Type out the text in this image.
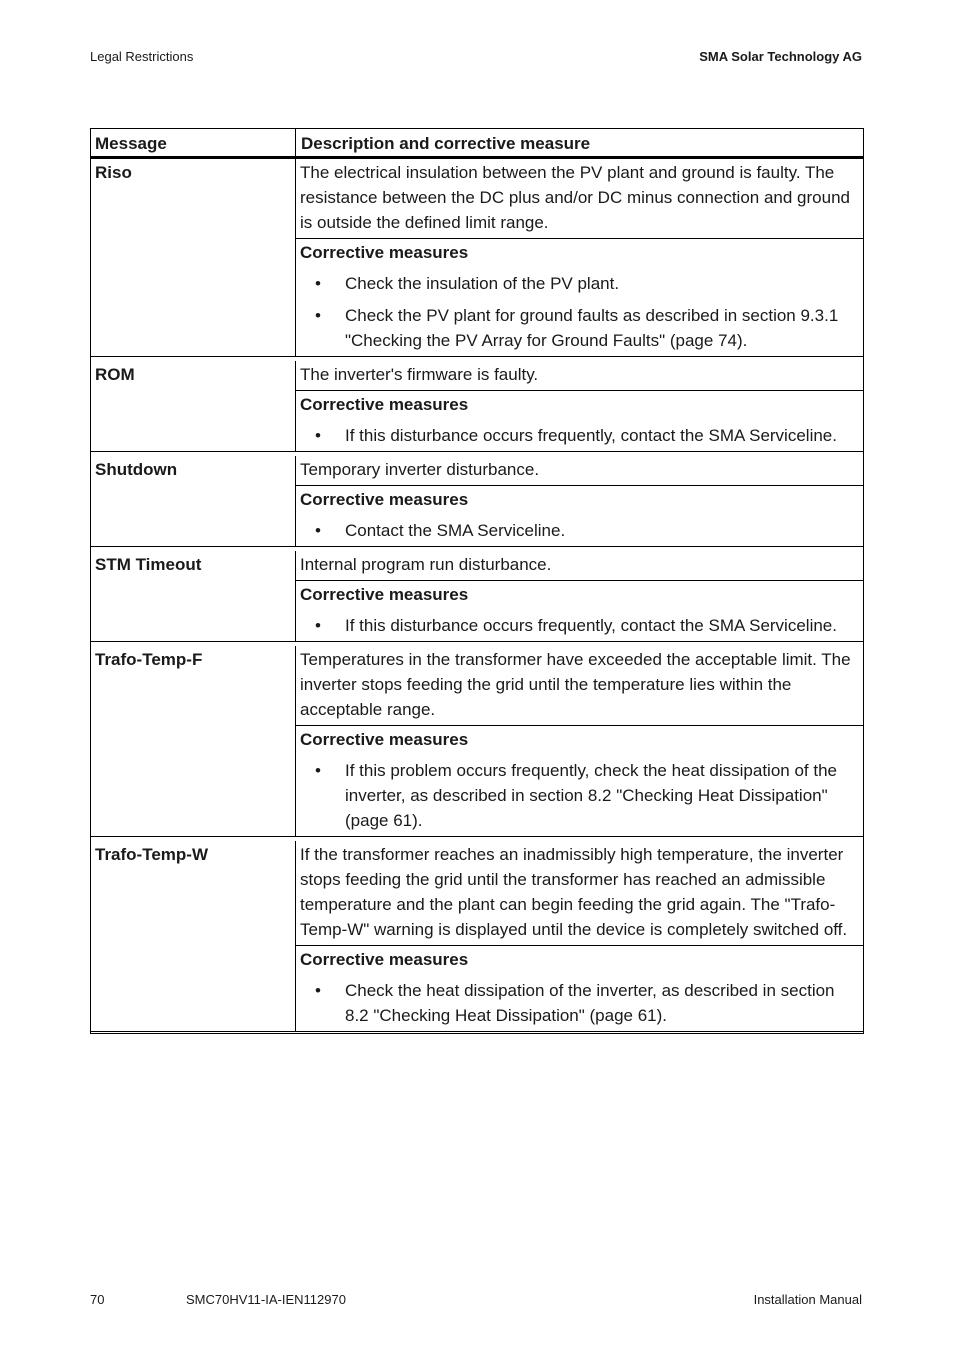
Legal Restrictions	SMA Solar Technology AG
Message	Description and corrective measure
Riso	The electrical insulation between the PV plant and ground is faulty. The resistance between the DC plus and/or DC minus connection and ground is outside the defined limit range.
Corrective measures
• Check the insulation of the PV plant.
• Check the PV plant for ground faults as described in section 9.3.1 "Checking the PV Array for Ground Faults" (page 74).
ROM	The inverter's firmware is faulty.
Corrective measures
• If this disturbance occurs frequently, contact the SMA Serviceline.
Shutdown	Temporary inverter disturbance.
Corrective measures
• Contact the SMA Serviceline.
STM Timeout	Internal program run disturbance.
Corrective measures
• If this disturbance occurs frequently, contact the SMA Serviceline.
Trafo-Temp-F	Temperatures in the transformer have exceeded the acceptable limit. The inverter stops feeding the grid until the temperature lies within the acceptable range.
Corrective measures
• If this problem occurs frequently, check the heat dissipation of the inverter, as described in section 8.2 "Checking Heat Dissipation" (page 61).
Trafo-Temp-W	If the transformer reaches an inadmissibly high temperature, the inverter stops feeding the grid until the transformer has reached an admissible temperature and the plant can begin feeding the grid again. The "Trafo-Temp-W" warning is displayed until the device is completely switched off.
Corrective measures
• Check the heat dissipation of the inverter, as described in section 8.2 "Checking Heat Dissipation" (page 61).
70	SMC70HV11-IA-IEN112970	Installation Manual
